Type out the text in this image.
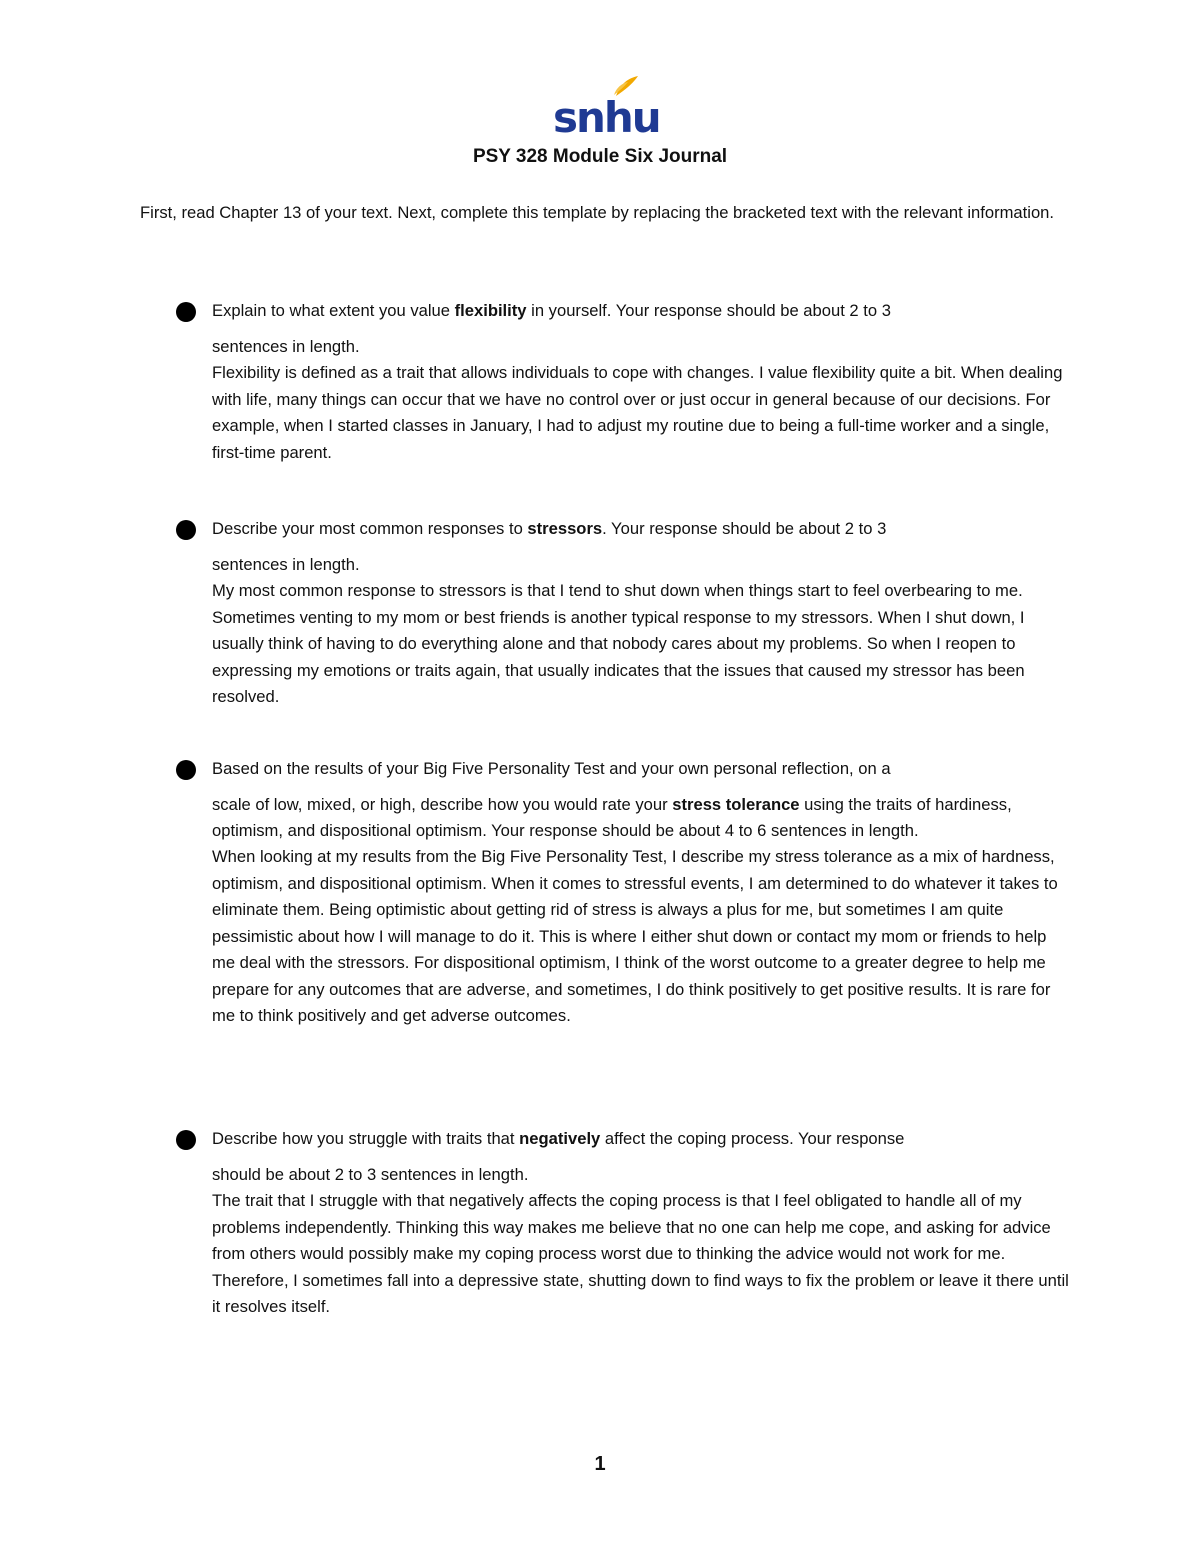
snhu
PSY 328 Module Six Journal
First, read Chapter 13 of your text. Next, complete this template by replacing the bracketed text with the relevant information.
Explain to what extent you value flexibility in yourself. Your response should be about 2 to 3
sentences in length.
Flexibility is defined as a trait that allows individuals to cope with changes. I value flexibility quite a bit. When dealing with life, many things can occur that we have no control over or just occur in general because of our decisions. For example, when I started classes in January, I had to adjust my routine due to being a full-time worker and a single, first-time parent.
Describe your most common responses to stressors. Your response should be about 2 to 3
sentences in length.
My most common response to stressors is that I tend to shut down when things start to feel overbearing to me. Sometimes venting to my mom or best friends is another typical response to my stressors. When I shut down, I usually think of having to do everything alone and that nobody cares about my problems. So when I reopen to expressing my emotions or traits again, that usually indicates that the issues that caused my stressor has been resolved.
Based on the results of your Big Five Personality Test and your own personal reflection, on a
scale of low, mixed, or high, describe how you would rate your stress tolerance using the traits of hardiness, optimism, and dispositional optimism. Your response should be about 4 to 6 sentences in length.
When looking at my results from the Big Five Personality Test, I describe my stress tolerance as a mix of hardness, optimism, and dispositional optimism. When it comes to stressful events, I am determined to do whatever it takes to eliminate them. Being optimistic about getting rid of stress is always a plus for me, but sometimes I am quite pessimistic about how I will manage to do it. This is where I either shut down or contact my mom or friends to help me deal with the stressors. For dispositional optimism, I think of the worst outcome to a greater degree to help me prepare for any outcomes that are adverse, and sometimes, I do think positively to get positive results. It is rare for me to think positively and get adverse outcomes.
Describe how you struggle with traits that negatively affect the coping process. Your response
should be about 2 to 3 sentences in length.
The trait that I struggle with that negatively affects the coping process is that I feel obligated to handle all of my problems independently. Thinking this way makes me believe that no one can help me cope, and asking for advice from others would possibly make my coping process worst due to thinking the advice would not work for me. Therefore, I sometimes fall into a depressive state, shutting down to find ways to fix the problem or leave it there until it resolves itself.
1
